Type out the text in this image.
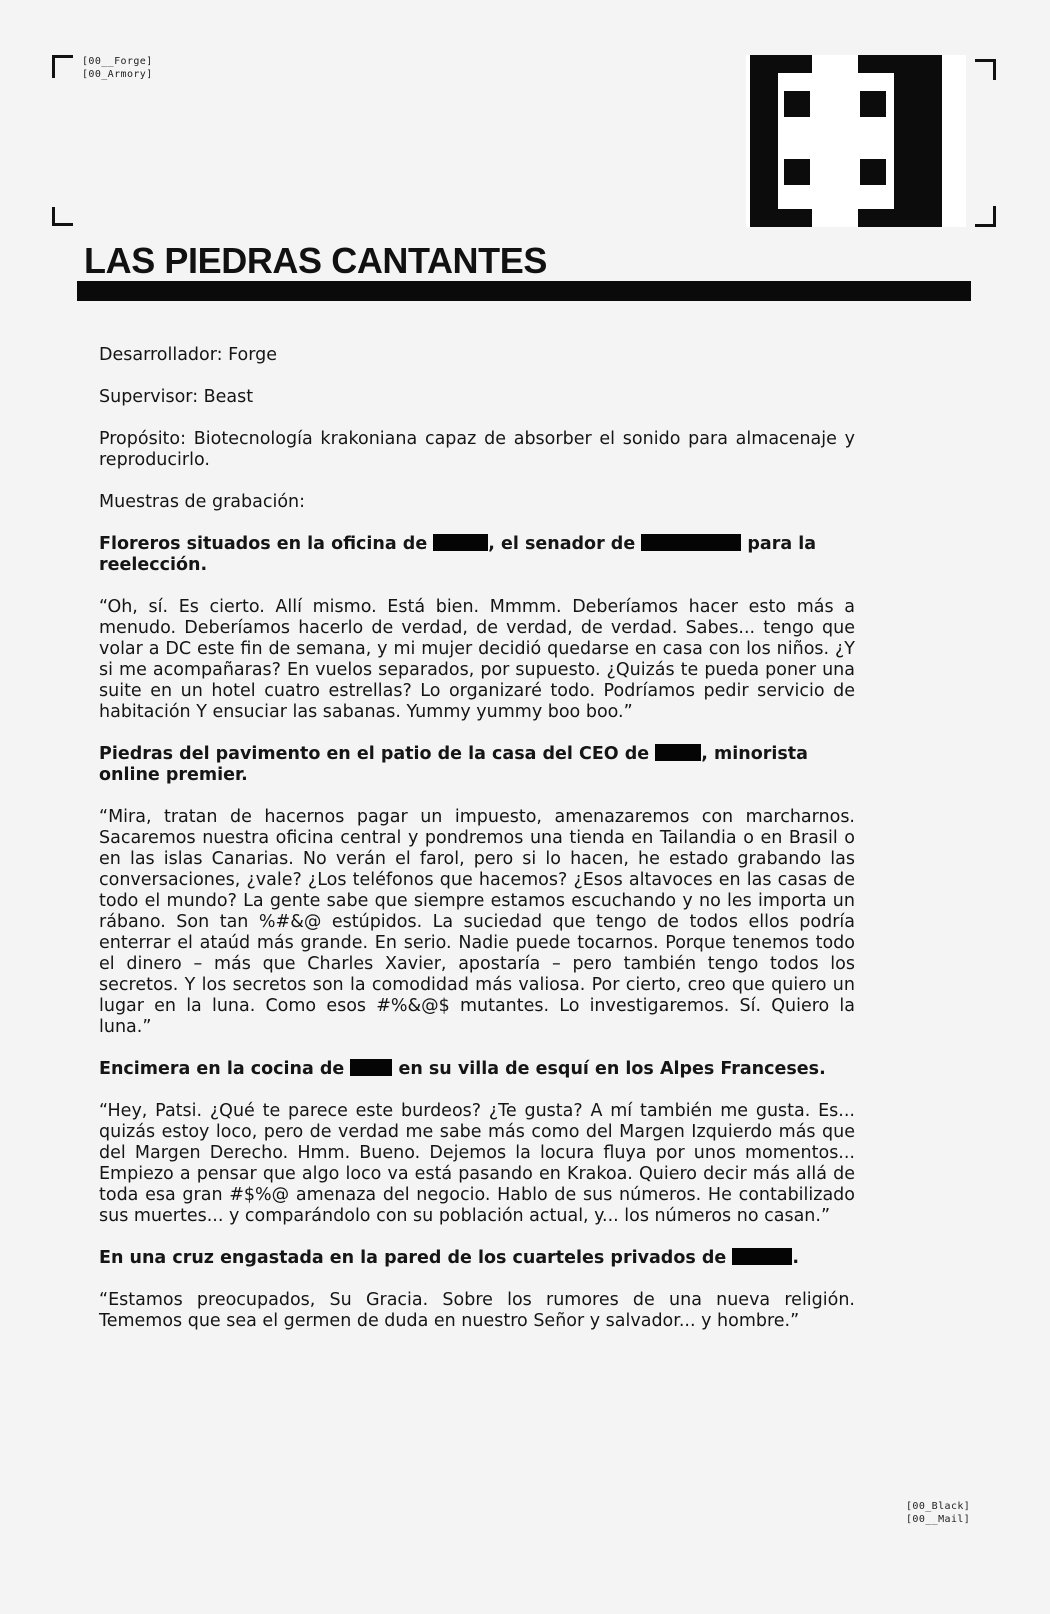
[00__Forge]
[00_Armory]
LAS PIEDRAS CANTANTES

Desarrollador: Forge

Supervisor: Beast

Propósito: Biotecnología krakoniana capaz de absorber el sonido para almacenaje y reproducirlo.

Muestras de grabación:

Floreros situados en la oficina de	, el senador de	para la reelección.

“Oh, sí. Es cierto. Allí mismo. Está bien. Mmmm. Deberíamos hacer esto más a menudo. Deberíamos hacerlo de verdad, de verdad, de verdad. Sabes... tengo que volar a DC este fin de semana, y mi mujer decidió quedarse en casa con los niños. ¿Y si me acompañaras? En vuelos separados, por supuesto. ¿Quizás te pueda poner una suite en un hotel cuatro estrellas? Lo organizaré todo. Podríamos pedir servicio de habitación Y ensuciar las sabanas. Yummy yummy boo boo.”

Piedras del pavimento en el patio de la casa del CEO de	, minorista online premier.

“Mira, tratan de hacernos pagar un impuesto, amenazaremos con marcharnos. Sacaremos nuestra oficina central y pondremos una tienda en Tailandia o en Brasil o en las islas Canarias. No verán el farol, pero si lo hacen, he estado grabando las conversaciones, ¿vale? ¿Los teléfonos que hacemos? ¿Esos altavoces en las casas de todo el mundo? La gente sabe que siempre estamos escuchando y no les importa un rábano. Son tan %#&@ estúpidos. La suciedad que tengo de todos ellos podría enterrar el ataúd más grande. En serio. Nadie puede tocarnos. Porque tenemos todo el dinero – más que Charles Xavier, apostaría – pero también tengo todos los secretos. Y los secretos son la comodidad más valiosa. Por cierto, creo que quiero un lugar en la luna. Como esos #%&@$ mutantes. Lo investigaremos. Sí. Quiero la luna.”

Encimera en la cocina de  en su villa de esquí en los Alpes Franceses.

“Hey, Patsi. ¿Qué te parece este burdeos? ¿Te gusta? A mí también me gusta. Es... quizás estoy loco, pero de verdad me sabe más como del Margen Izquierdo más que del Margen Derecho. Hmm. Bueno. Dejemos la locura fluya por unos momentos... Empiezo a pensar que algo loco va está pasando en Krakoa. Quiero decir más allá de toda esa gran #$%@ amenaza del negocio. Hablo de sus números. He contabilizado sus muertes... y comparándolo con su población actual, y... los números no casan.”

En una cruz engastada en la pared de los cuarteles privados de	.

“Estamos preocupados, Su Gracia. Sobre los rumores de una nueva religión. Tememos que sea el germen de duda en nuestro Señor y salvador... y hombre.”

[00_Black]
[00__Mail]
